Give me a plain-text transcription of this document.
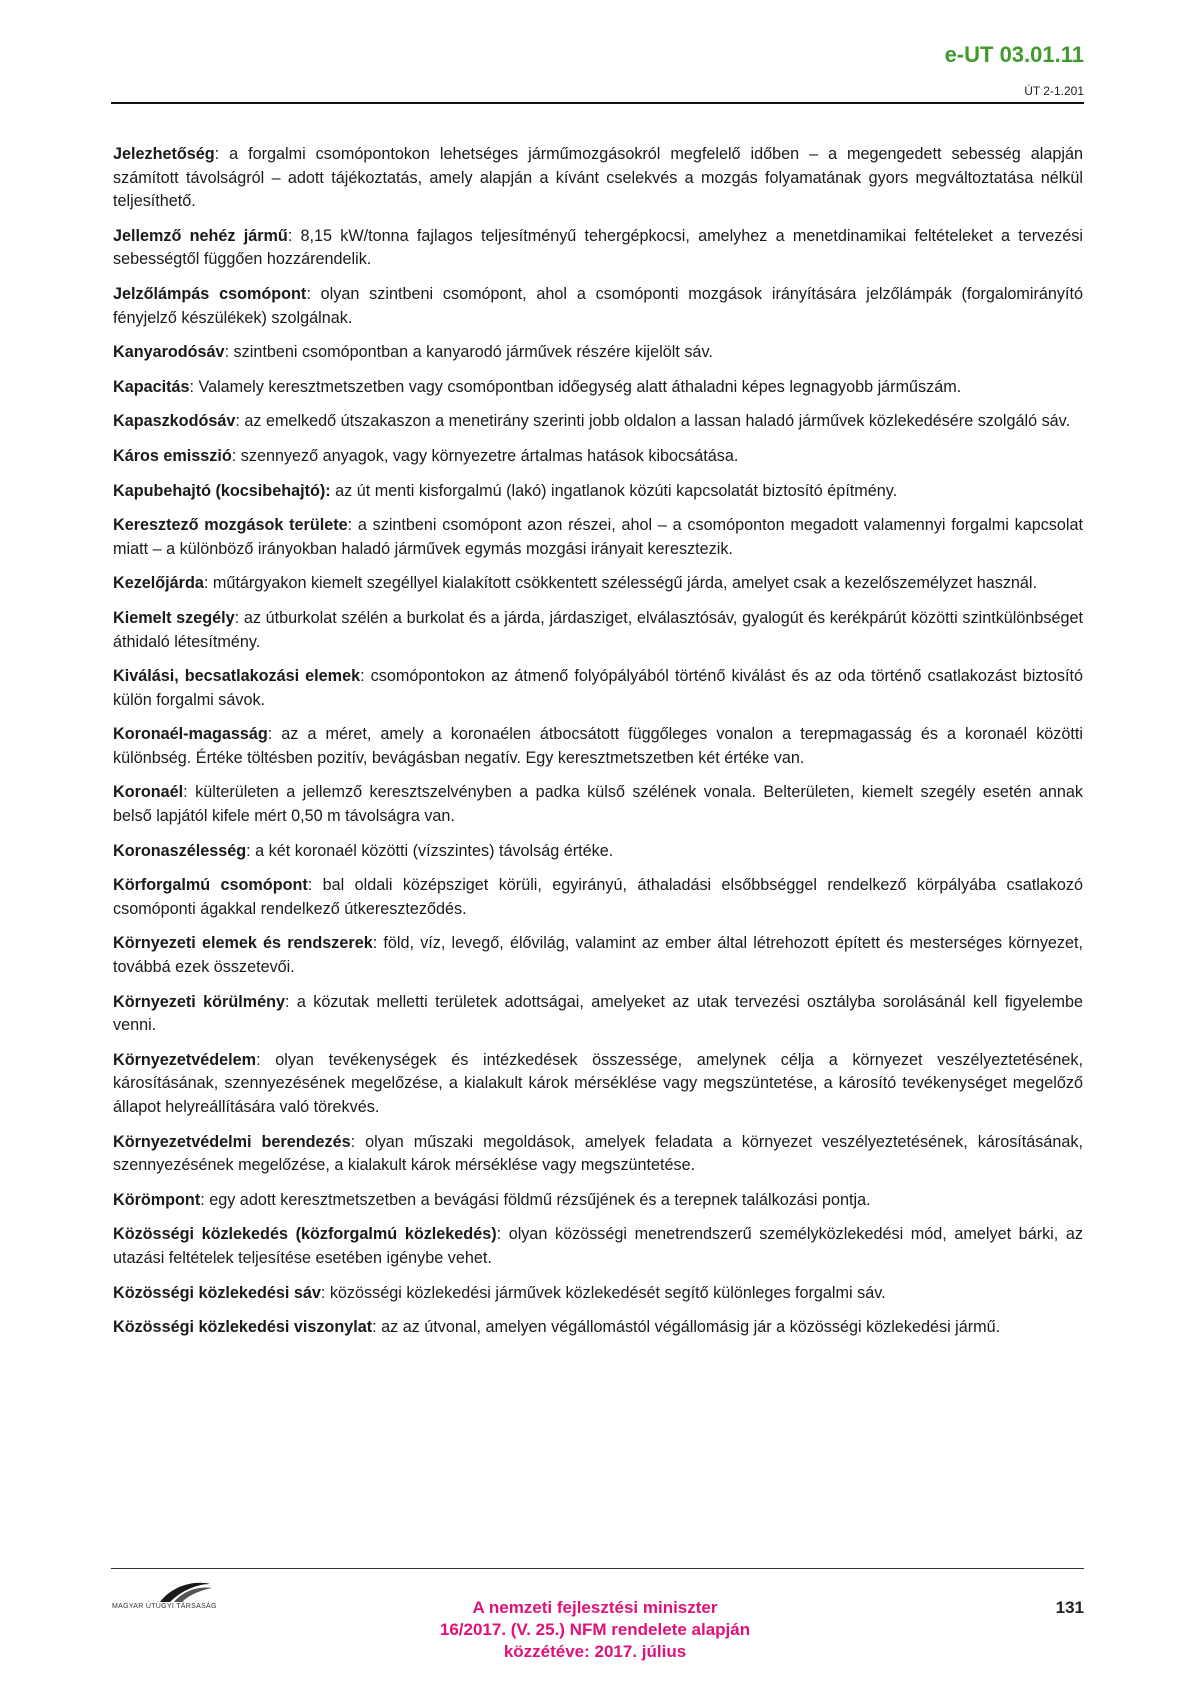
e-UT 03.01.11
ÚT 2-1.201

Jelezhetőség: a forgalmi csomópontokon lehetséges járműmozgásokról megfelelő időben – a megengedett sebesség alapján számított távolságról – adott tájékoztatás, amely alapján a kívánt cselekvés a mozgás folyamatának gyors megváltoztatása nélkül teljesíthető.

Jellemző nehéz jármű: 8,15 kW/tonna fajlagos teljesítményű tehergépkocsi, amelyhez a menetdinamikai feltételeket a tervezési sebességtől függően hozzárendelik.

Jelzőlámpás csomópont: olyan szintbeni csomópont, ahol a csomóponti mozgások irányítására jelzőlámpák (forgalomirányító fényjelző készülékek) szolgálnak.

Kanyarodósáv: szintbeni csomópontban a kanyarodó járművek részére kijelölt sáv.

Kapacitás: Valamely keresztmetszetben vagy csomópontban időegység alatt áthaladni képes legnagyobb járműszám.

Kapaszkodósáv: az emelkedő útszakaszon a menetirány szerinti jobb oldalon a lassan haladó járművek közlekedésére szolgáló sáv.

Káros emisszió: szennyező anyagok, vagy környezetre ártalmas hatások kibocsátása.

Kapubehajtó (kocsibehajtó): az út menti kisforgalmú (lakó) ingatlanok közúti kapcsolatát biztosító építmény.

Keresztező mozgások területe: a szintbeni csomópont azon részei, ahol – a csomóponton megadott valamennyi forgalmi kapcsolat miatt – a különböző irányokban haladó járművek egymás mozgási irányait keresztezik.

Kezelőjárda: műtárgyakon kiemelt szegéllyel kialakított csökkentett szélességű járda, amelyet csak a kezelőszemélyzet használ.

Kiemelt szegély: az útburkolat szélén a burkolat és a járda, járdasziget, elválasztósáv, gyalogút és kerékpárút közötti szintkülönbséget áthidaló létesítmény.

Kiválási, becsatlakozási elemek: csomópontokon az átmenő folyópályából történő kiválást és az oda történő csatlakozást biztosító külön forgalmi sávok.

Koronaél-magasság: az a méret, amely a koronaélen átbocsátott függőleges vonalon a terepmagasság és a koronaél közötti különbség. Értéke töltésben pozitív, bevágásban negatív. Egy keresztmetszetben két értéke van.

Koronaél: külterületen a jellemző keresztszelvényben a padka külső szélének vonala. Belterületen, kiemelt szegély esetén annak belső lapjától kifele mért 0,50 m távolságra van.

Koronaszélesség: a két koronaél közötti (vízszintes) távolság értéke.

Körforgalmú csomópont: bal oldali középsziget körüli, egyirányú, áthaladási elsőbbséggel rendelkező körpályába csatlakozó csomóponti ágakkal rendelkező útkereszteződés.

Környezeti elemek és rendszerek: föld, víz, levegő, élővilág, valamint az ember által létrehozott épített és mesterséges környezet, továbbá ezek összetevői.

Környezeti körülmény: a közutak melletti területek adottságai, amelyeket az utak tervezési osztályba sorolásánál kell figyelembe venni.

Környezetvédelem: olyan tevékenységek és intézkedések összessége, amelynek célja a környezet veszélyeztetésének, károsításának, szennyezésének megelőzése, a kialakult károk mérséklése vagy megszüntetése, a károsító tevékenységet megelőző állapot helyreállítására való törekvés.

Környezetvédelmi berendezés: olyan műszaki megoldások, amelyek feladata a környezet veszélyeztetésének, károsításának, szennyezésének megelőzése, a kialakult károk mérséklése vagy megszüntetése.

Körömpont: egy adott keresztmetszetben a bevágási földmű rézsűjének és a terepnek találkozási pontja.

Közösségi közlekedés (közforgalmú közlekedés): olyan közösségi menetrendszerű személyközlekedési mód, amelyet bárki, az utazási feltételek teljesítése esetében igénybe vehet.

Közösségi közlekedési sáv: közösségi közlekedési járművek közlekedését segítő különleges forgalmi sáv.

Közösségi közlekedési viszonylat: az az útvonal, amelyen végállomástól végállomásig jár a közösségi közlekedési jármű.

MAGYAR ÚTÜGYI TÁRSASÁG	A nemzeti fejlesztési miniszter
16/2017. (V. 25.) NFM rendelete alapján
közzétéve: 2017. július
131
